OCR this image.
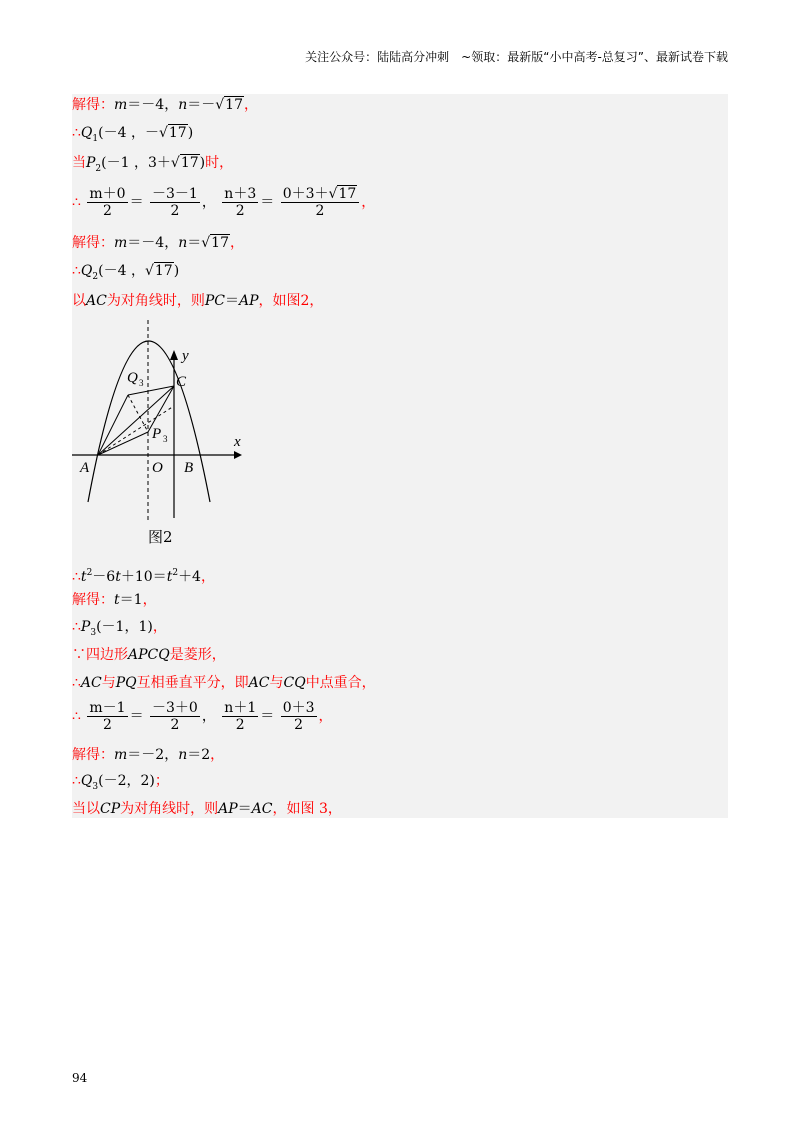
关注公众号：陆陆高分冲刺　~领取：最新版“小中高考-总复习”、最新试卷下载
解得：m＝－4，n＝－√17，
$\therefore Q_1(-4$ ，－√17)
当$P_2(-1$ ，3＋√17)时，
∴ $\frac{m+0}{2} = \frac{-3-1}{2}$ ， $\frac{n+3}{2} = \frac{0+3+√17}{2}$ ，
解得：m＝－4，n＝√17，
$\therefore Q_2(-4$ ，√17)
以AC为对角线时，则PC＝AP，如图2，
y
x
C
Q 3
P 3
A	O B
图2
$\therefore t^2-6t+10=t^2+4$，
解得：t＝1，
$\therefore P_3(-1$，1)，
∵四边形APCQ是菱形，
∴AC与PQ互相垂直平分，即AC与CQ中点重合，
∴ $\frac{m-1}{2} = \frac{-3+0}{2}$ ， $\frac{n+1}{2} = \frac{0+3}{2}$ ，
解得：m＝－2，n＝2，
$\therefore Q_3(-2$，2)；
当以CP为对角线时，则AP＝AC，如图 3，
94
